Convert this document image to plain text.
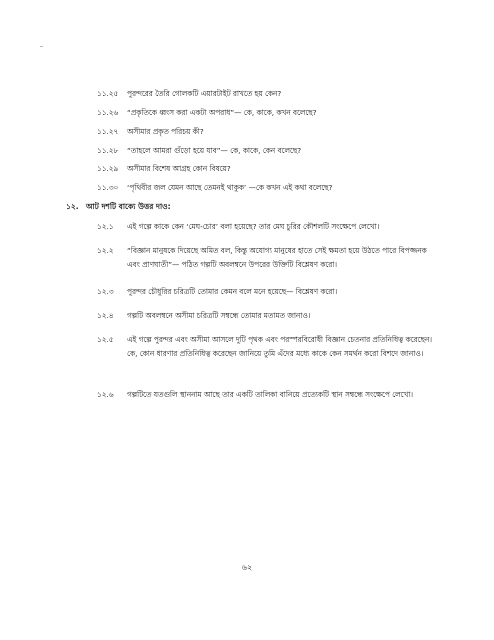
১১.২৫ পুরন্দরের তৈরি গোলকটি এয়ারটাইট রাখতে হয় কেন?
১১.২৬ “প্রকৃতিকে ধ্বংস করা একটা অপরাধ”— কে, কাকে, কখন বলেছে?
১১.২৭ অসীমার প্রকৃত পরিচয় কী?
১১.২৮ “তাহলে আমরা গুঁড়ো হয়ে যাব”— কে, কাকে, কেন বলেছে?
১১.২৯ অসীমার বিশেষ আগ্রহ কোন বিষয়ে?
১১.৩০ ‘পৃথিবীর জল যেমন আছে তেমনই থাকুক’ —কে কখন এই কথা বলেছে?
১২. আট দশটি বাক্যে উত্তর দাও:
১২.১ এই গল্পে কাকে কেন ‘মেঘ-চোর’ বলা হয়েছে? তার মেঘ চুরির কৌশলটি সংক্ষেপে লেখো।
১২.২ “বিজ্ঞান মানুষকে দিয়েছে অমিত বল, কিন্তু অযোগ্য মানুষের হাতে সেই ক্ষমতা হয়ে উঠতে পারে বিপজ্জনক এবং প্রাণঘাতী”— পঠিত গল্পটি অবলম্বনে উপরের উক্তিটি বিশ্লেষণ করো।
১২.৩ পুরন্দর চৌধুরির চরিত্রটি তোমার কেমন বলে মনে হয়েছে— বিশ্লেষণ করো।
১২.৪ গল্পটি অবলম্বনে অসীমা চরিত্রটি সম্বন্ধে তোমার মতামত জানাও।
১২.৫ এই গল্পে পুরন্দর এবং অসীমা আসলে দুটি পৃথক এবং পরস্পরবিরোধী বিজ্ঞান চেতনার প্রতিনিধিত্ব করেছেন। কে, কোন ধারণার প্রতিনিধিত্ব করেছেন জানিয়ে তুমি এঁদের মধ্যে কাকে কেন সমর্থন করো বিশদে জানাও।
১২.৬ গল্পটিতে যতগুলি স্থাননাম আছে তার একটি তালিকা বানিয়ে প্রত্যেকটি স্থান সম্বন্ধে সংক্ষেপে লেখো।
৬২
